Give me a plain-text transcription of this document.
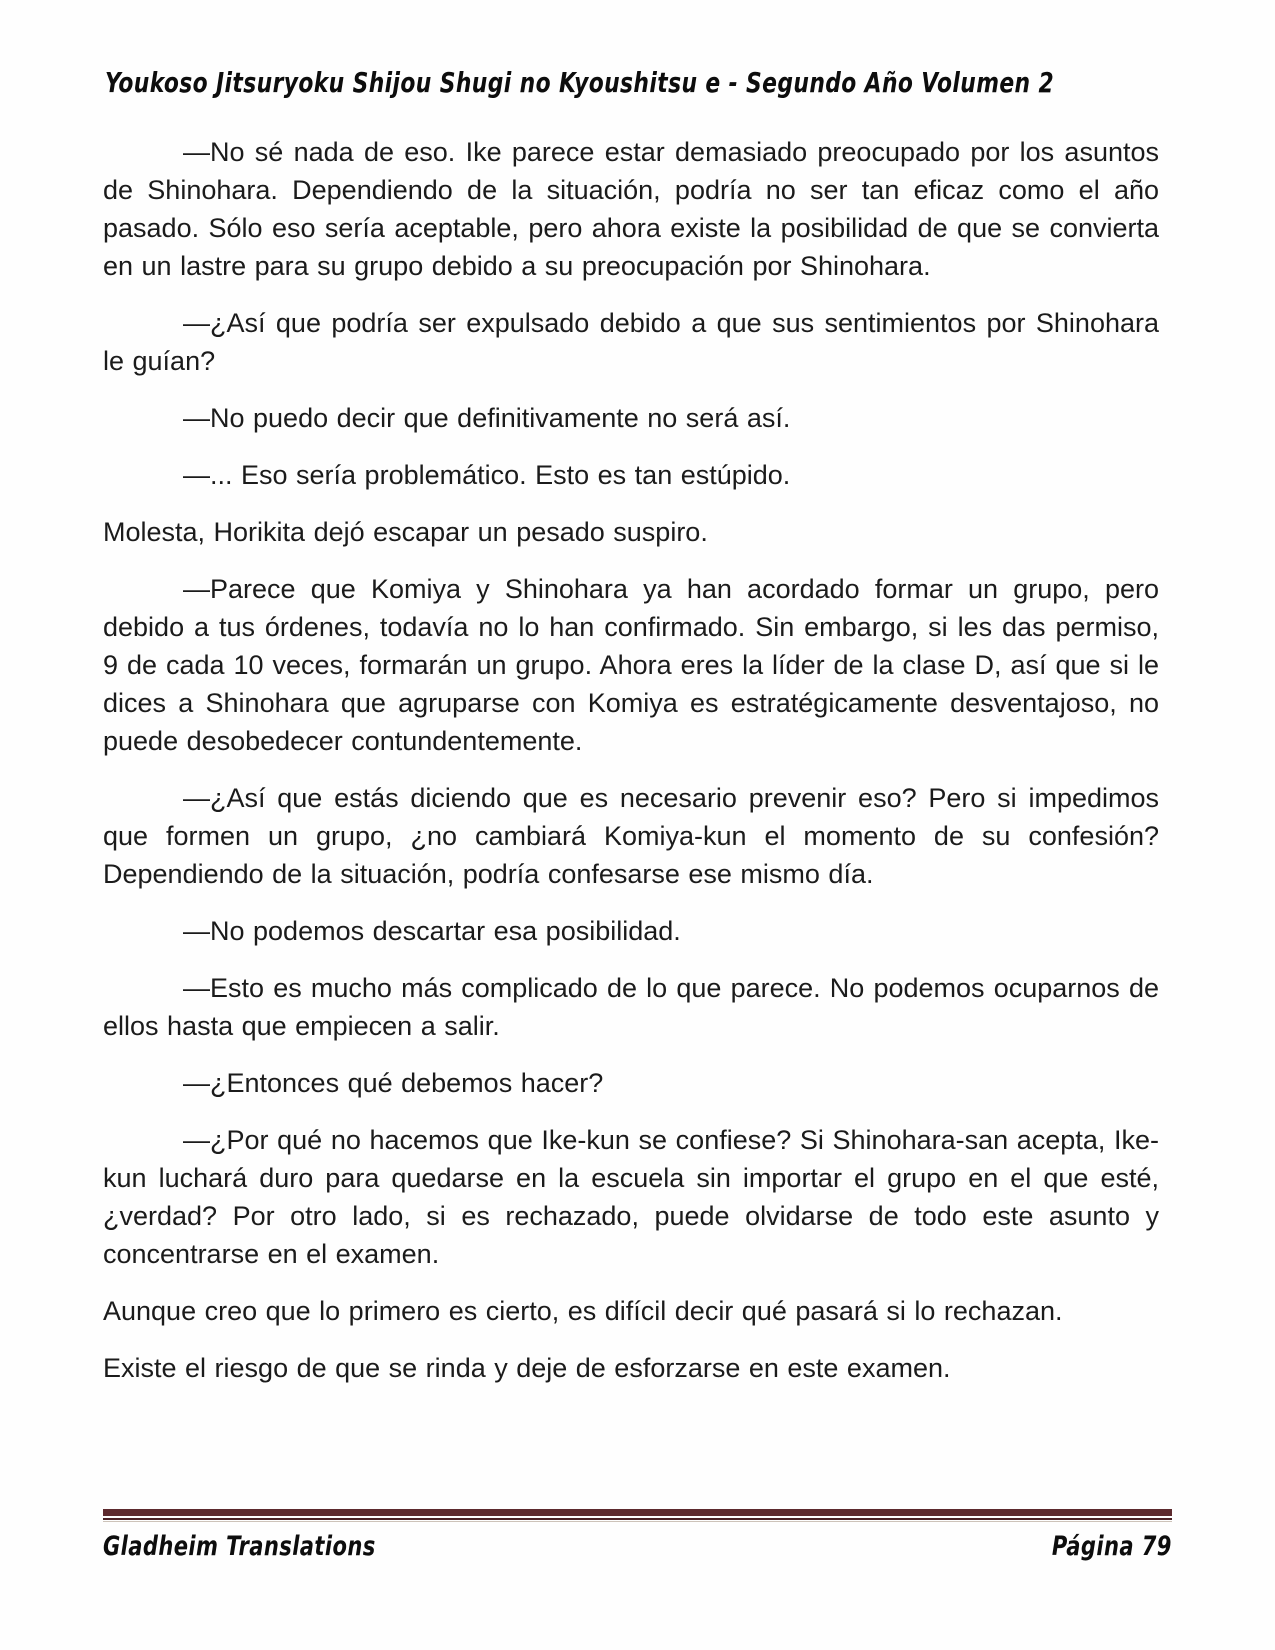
Youkoso Jitsuryoku Shijou Shugi no Kyoushitsu e - Segundo Año Volumen 2

—No sé nada de eso. Ike parece estar demasiado preocupado por los asuntos de Shinohara. Dependiendo de la situación, podría no ser tan eficaz como el año pasado. Sólo eso sería aceptable, pero ahora existe la posibilidad de que se convierta en un lastre para su grupo debido a su preocupación por Shinohara.

—¿Así que podría ser expulsado debido a que sus sentimientos por Shinohara le guían?

—No puedo decir que definitivamente no será así.

—... Eso sería problemático. Esto es tan estúpido.

Molesta, Horikita dejó escapar un pesado suspiro.

—Parece que Komiya y Shinohara ya han acordado formar un grupo, pero debido a tus órdenes, todavía no lo han confirmado. Sin embargo, si les das permiso, 9 de cada 10 veces, formarán un grupo. Ahora eres la líder de la clase D, así que si le dices a Shinohara que agruparse con Komiya es estratégicamente desventajoso, no puede desobedecer contundentemente.

—¿Así que estás diciendo que es necesario prevenir eso? Pero si impedimos que formen un grupo, ¿no cambiará Komiya-kun el momento de su confesión? Dependiendo de la situación, podría confesarse ese mismo día.

—No podemos descartar esa posibilidad.

—Esto es mucho más complicado de lo que parece. No podemos ocuparnos de ellos hasta que empiecen a salir.

—¿Entonces qué debemos hacer?

—¿Por qué no hacemos que Ike-kun se confiese? Si Shinohara-san acepta, Ike-kun luchará duro para quedarse en la escuela sin importar el grupo en el que esté, ¿verdad? Por otro lado, si es rechazado, puede olvidarse de todo este asunto y concentrarse en el examen.

Aunque creo que lo primero es cierto, es difícil decir qué pasará si lo rechazan.

Existe el riesgo de que se rinda y deje de esforzarse en este examen.

Gladheim Translations	Página 79
